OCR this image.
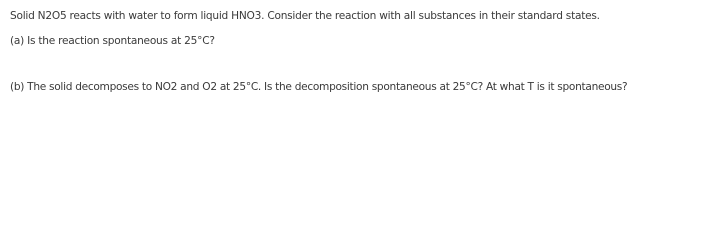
Solid N2O5 reacts with water to form liquid HNO3. Consider the reaction with all substances in their standard states.
(a) Is the reaction spontaneous at 25°C?
(b) The solid decomposes to NO2 and O2 at 25°C. Is the decomposition spontaneous at 25°C? At what T is it spontaneous?
